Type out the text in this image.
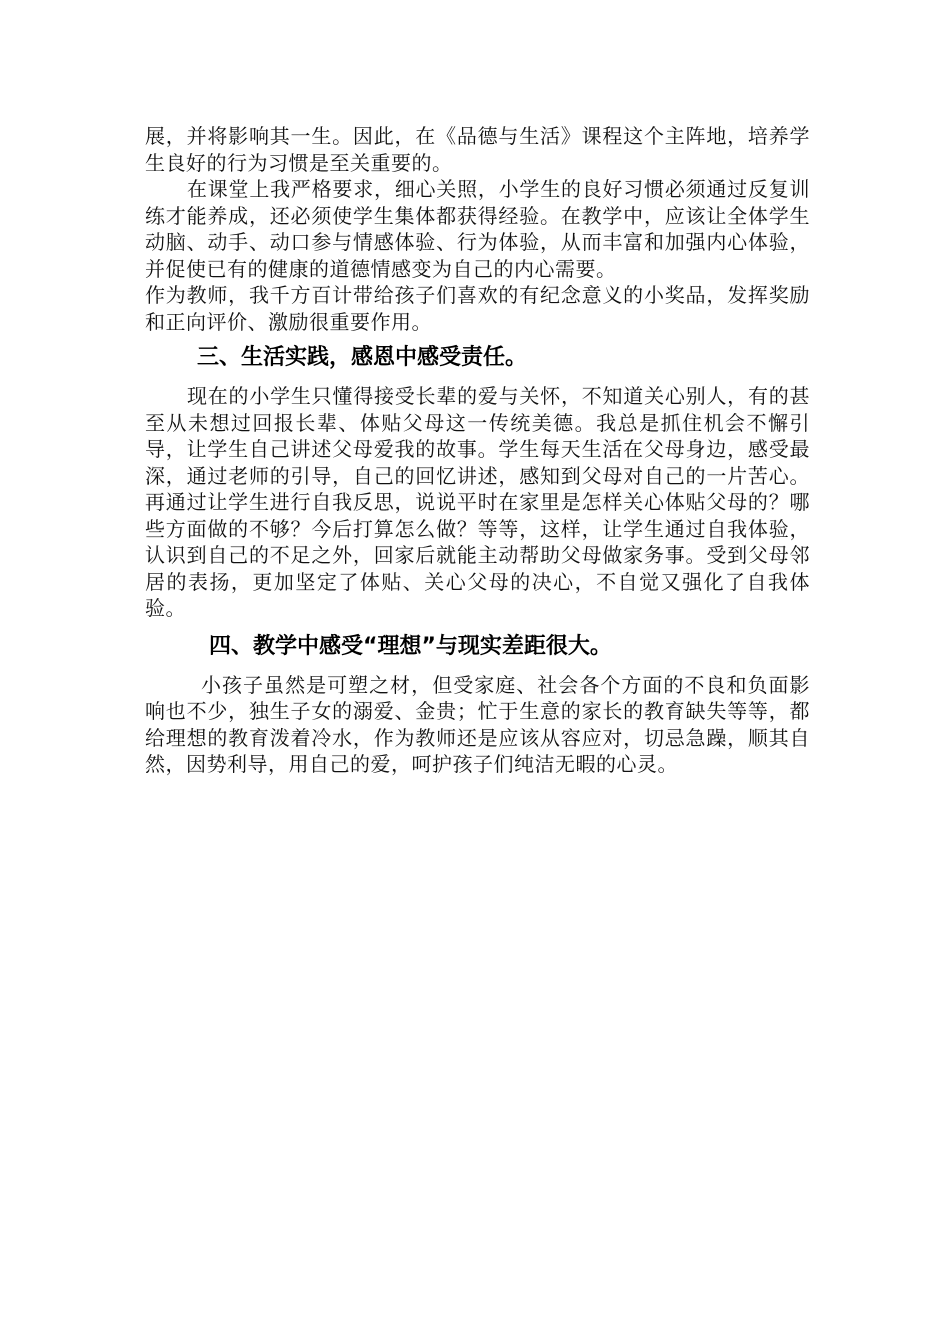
展，并将影响其一生。因此，在《品德与生活》课程这个主阵地，培养学生良好的行为习惯是至关重要的。

在课堂上我严格要求，细心关照，小学生的良好习惯必须通过反复训练才能养成，还必须使学生集体都获得经验。在教学中，应该让全体学生动脑、动手、动口参与情感体验、行为体验，从而丰富和加强内心体验，并促使已有的健康的道德情感变为自己的内心需要。

作为教师，我千方百计带给孩子们喜欢的有纪念意义的小奖品，发挥奖励和正向评价、激励很重要作用。

三、生活实践，感恩中感受责任。

现在的小学生只懂得接受长辈的爱与关怀，不知道关心别人，有的甚至从未想过回报长辈、体贴父母这一传统美德。我总是抓住机会不懈引导，让学生自己讲述父母爱我的故事。学生每天生活在父母身边，感受最深，通过老师的引导，自己的回忆讲述，感知到父母对自己的一片苦心。再通过让学生进行自我反思，说说平时在家里是怎样关心体贴父母的？哪些方面做的不够？今后打算怎么做？等等，这样，让学生通过自我体验，认识到自己的不足之外，回家后就能主动帮助父母做家务事。受到父母邻居的表扬，更加坚定了体贴、关心父母的决心，不自觉又强化了自我体验。

四、教学中感受“理想”与现实差距很大。

小孩子虽然是可塑之材，但受家庭、社会各个方面的不良和负面影响也不少，独生子女的溺爱、金贵；忙于生意的家长的教育缺失等等，都给理想的教育泼着冷水，作为教师还是应该从容应对，切忌急躁，顺其自然，因势利导，用自己的爱，呵护孩子们纯洁无暇的心灵。
